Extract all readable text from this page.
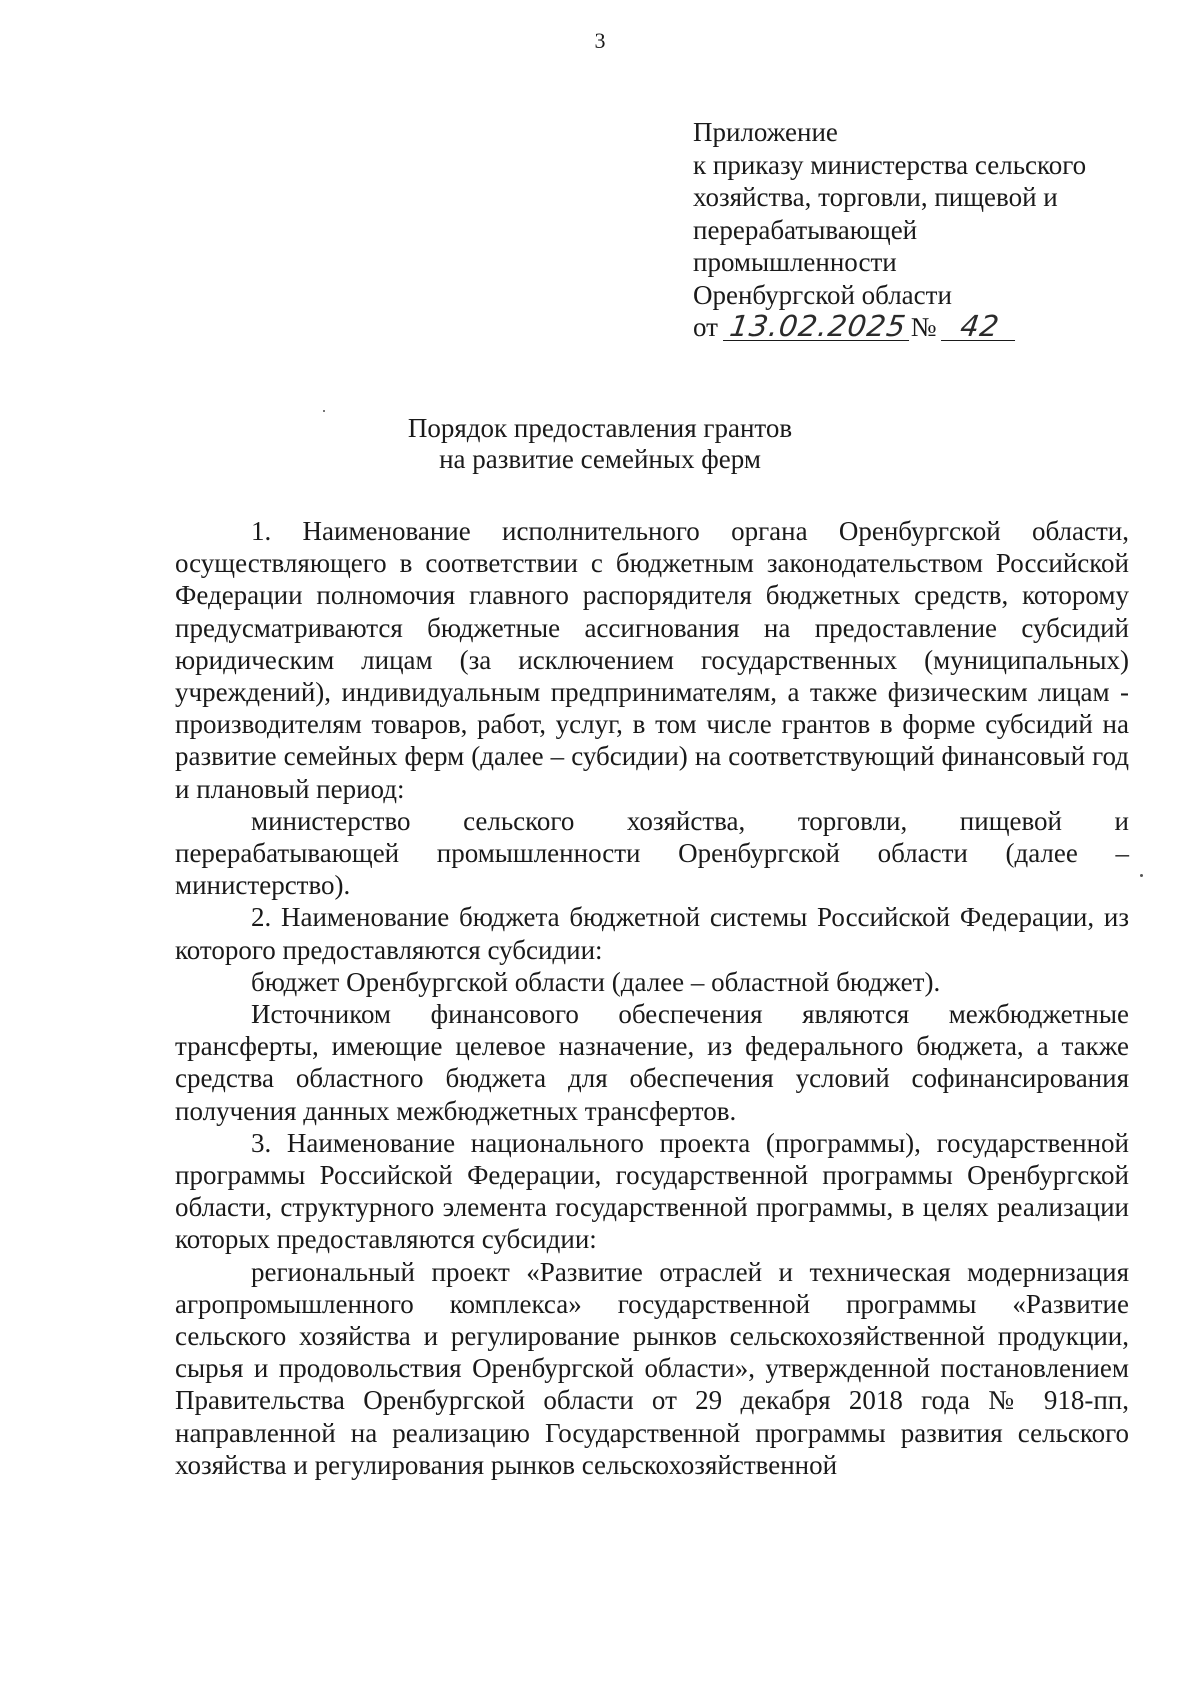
3
Приложение
к приказу министерства сельского
хозяйства, торговли, пищевой и
перерабатывающей
промышленности
Оренбургской области
от 13.02.2025№ 42
Порядок предоставления грантов
на развитие семейных ферм

1. Наименование исполнительного органа Оренбургской области, осуществляющего в соответствии с бюджетным законодательством Российской Федерации полномочия главного распорядителя бюджетных средств, которому предусматриваются бюджетные ассигнования на предоставление субсидий юридическим лицам (за исключением государственных (муниципальных) учреждений), индивидуальным предпринимателям, а также физическим лицам - производителям товаров, работ, услуг, в том числе грантов в форме субсидий на развитие семейных ферм (далее – субсидии) на соответствующий финансовый год и плановый период:

министерство сельского хозяйства, торговли, пищевой и перерабатывающей промышленности Оренбургской области (далее – министерство).

2. Наименование бюджета бюджетной системы Российской Федерации, из которого предоставляются субсидии:

бюджет Оренбургской области (далее – областной бюджет).

Источником финансового обеспечения являются межбюджетные трансферты, имеющие целевое назначение, из федерального бюджета, а также средства областного бюджета для обеспечения условий софинансирования получения данных межбюджетных трансфертов.

3. Наименование национального проекта (программы), государственной программы Российской Федерации, государственной программы Оренбургской области, структурного элемента государственной программы, в целях реализации которых предоставляются субсидии:

региональный проект «Развитие отраслей и техническая модернизация агропромышленного комплекса» государственной программы «Развитие сельского хозяйства и регулирование рынков сельскохозяйственной продукции, сырья и продовольствия Оренбургской области», утвержденной постановлением Правительства Оренбургской области от 29 декабря 2018 года № 918-пп, направленной на реализацию Государственной программы развития сельского хозяйства и регулирования рынков сельскохозяйственной
